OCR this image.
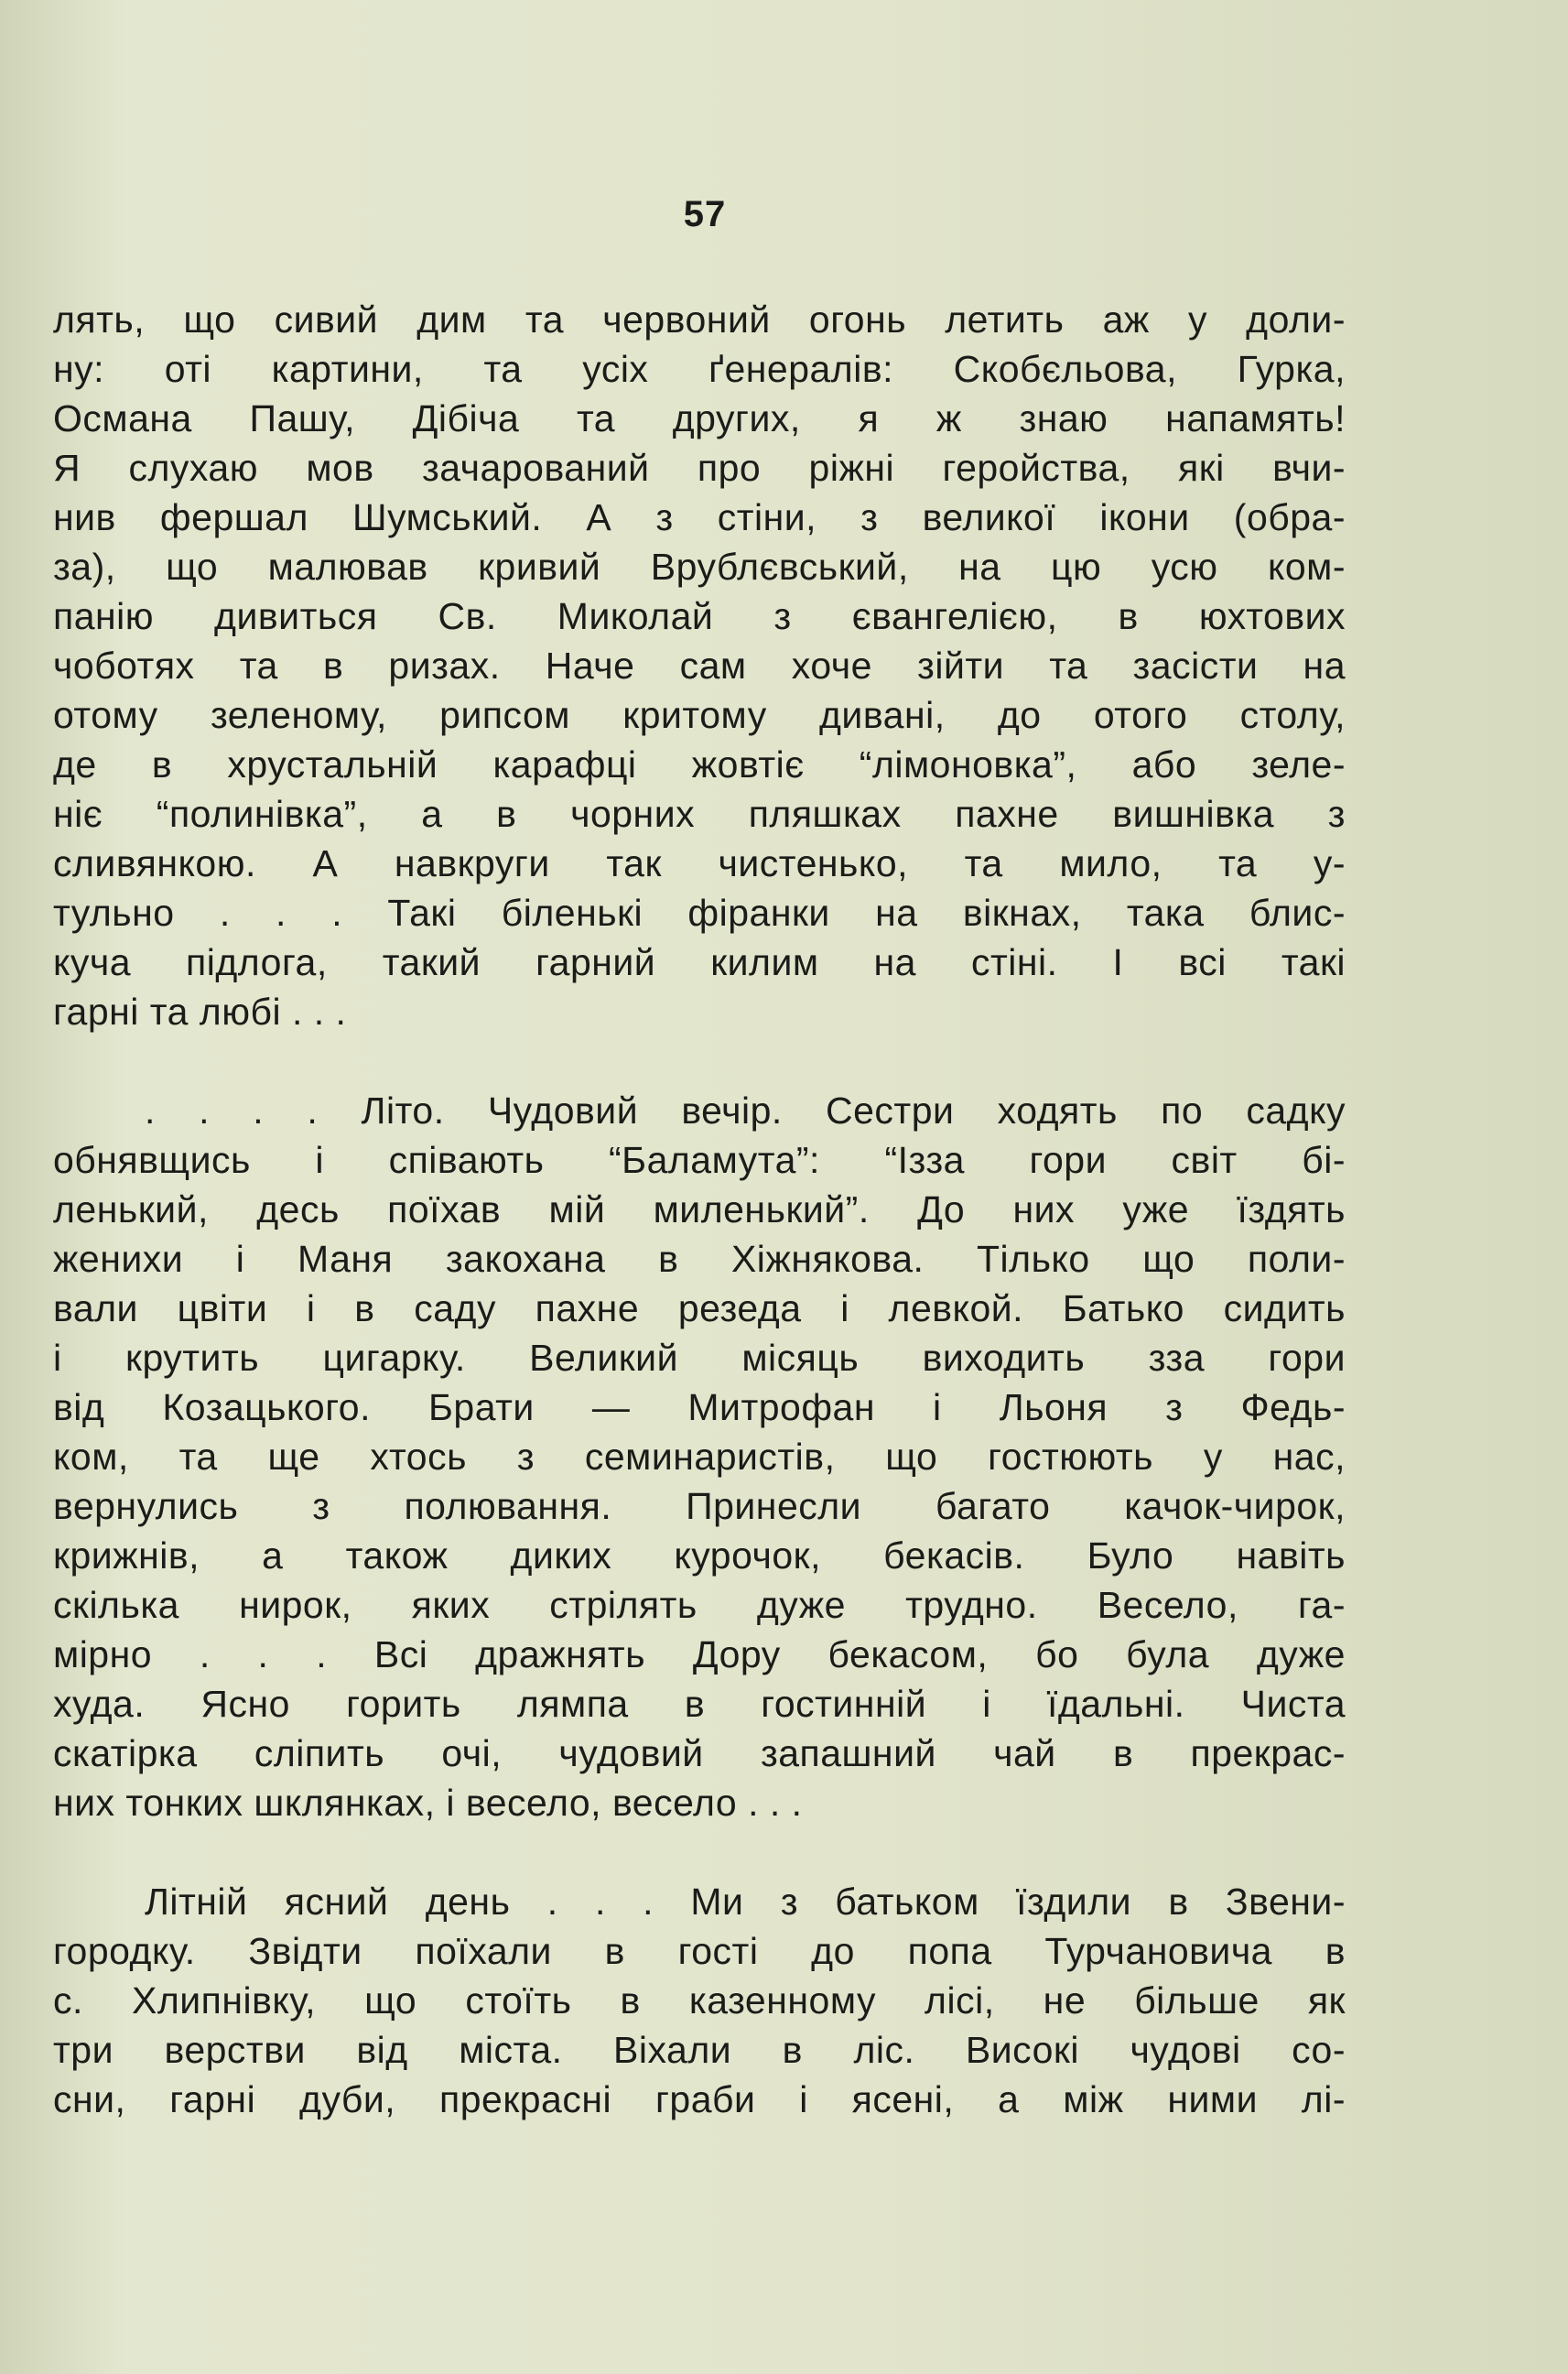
57

лять, що сивий дим та червоний огонь летить аж у доли-
ну: оті картини, та усіх ґенералів: Скобєльова, Гурка,
Османа Пашу, Дібіча та других, я ж знаю напамять!
Я слухаю мов зачарований про ріжні геройства, які вчи-
нив фершал Шумський. А з стіни, з великої ікони (обра-
за), що малював кривий Врублєвський, на цю усю ком-
панію дивиться Св. Миколай з євангелією, в юхтових
чоботях та в ризах. Наче сам хоче зійти та засісти на
отому зеленому, рипсом критому дивані, до отого столу,
де в хрустальній карафці жовтіє “лімоновка”, або зеле-
ніє “полинівка”, а в чорних пляшках пахне вишнівка з
сливянкою. А навкруги так чистенько, та мило, та у-
тульно . . . Такі біленькі фіранки на вікнах, така блис-
куча підлога, такий гарний килим на стіні. І всі такі
гарні та любі . . .

. . . . Літо. Чудовий вечір. Сестри ходять по садку
обнявщись і співають “Баламута”: “Ізза гори світ бі-
ленький, десь поїхав мій миленький”. До них уже їздять
женихи і Маня закохана в Хіжнякова. Тілько що поли-
вали цвіти і в саду пахне резеда і левкой. Батько сидить
і крутить цигарку. Великий місяць виходить зза гори
від Козацького. Брати — Митрофан і Льоня з Федь-
ком, та ще хтось з семинаристів, що гостюють у нас,
вернулись з полювання. Принесли багато качок-чирок,
крижнів, а також диких курочок, бекасів. Було навіть
скілька нирок, яких стрілять дуже трудно. Весело, га-
мірно . . . Всі дражнять Дору бекасом, бо була дуже
худа. Ясно горить лямпа в гостинній і їдальні. Чиста
скатірка сліпить очі, чудовий запашний чай в прекрас-
них тонких шклянках, і весело, весело . . .

Літній ясний день . . . Ми з батьком їздили в Звени-
городку. Звідти поїхали в гості до попа Турчановича в
с. Хлипнівку, що стоїть в казенному лісі, не більше як
три верстви від міста. Віхали в ліс. Високі чудові со-
сни, гарні дуби, прекрасні граби і ясені, а між ними лі-
